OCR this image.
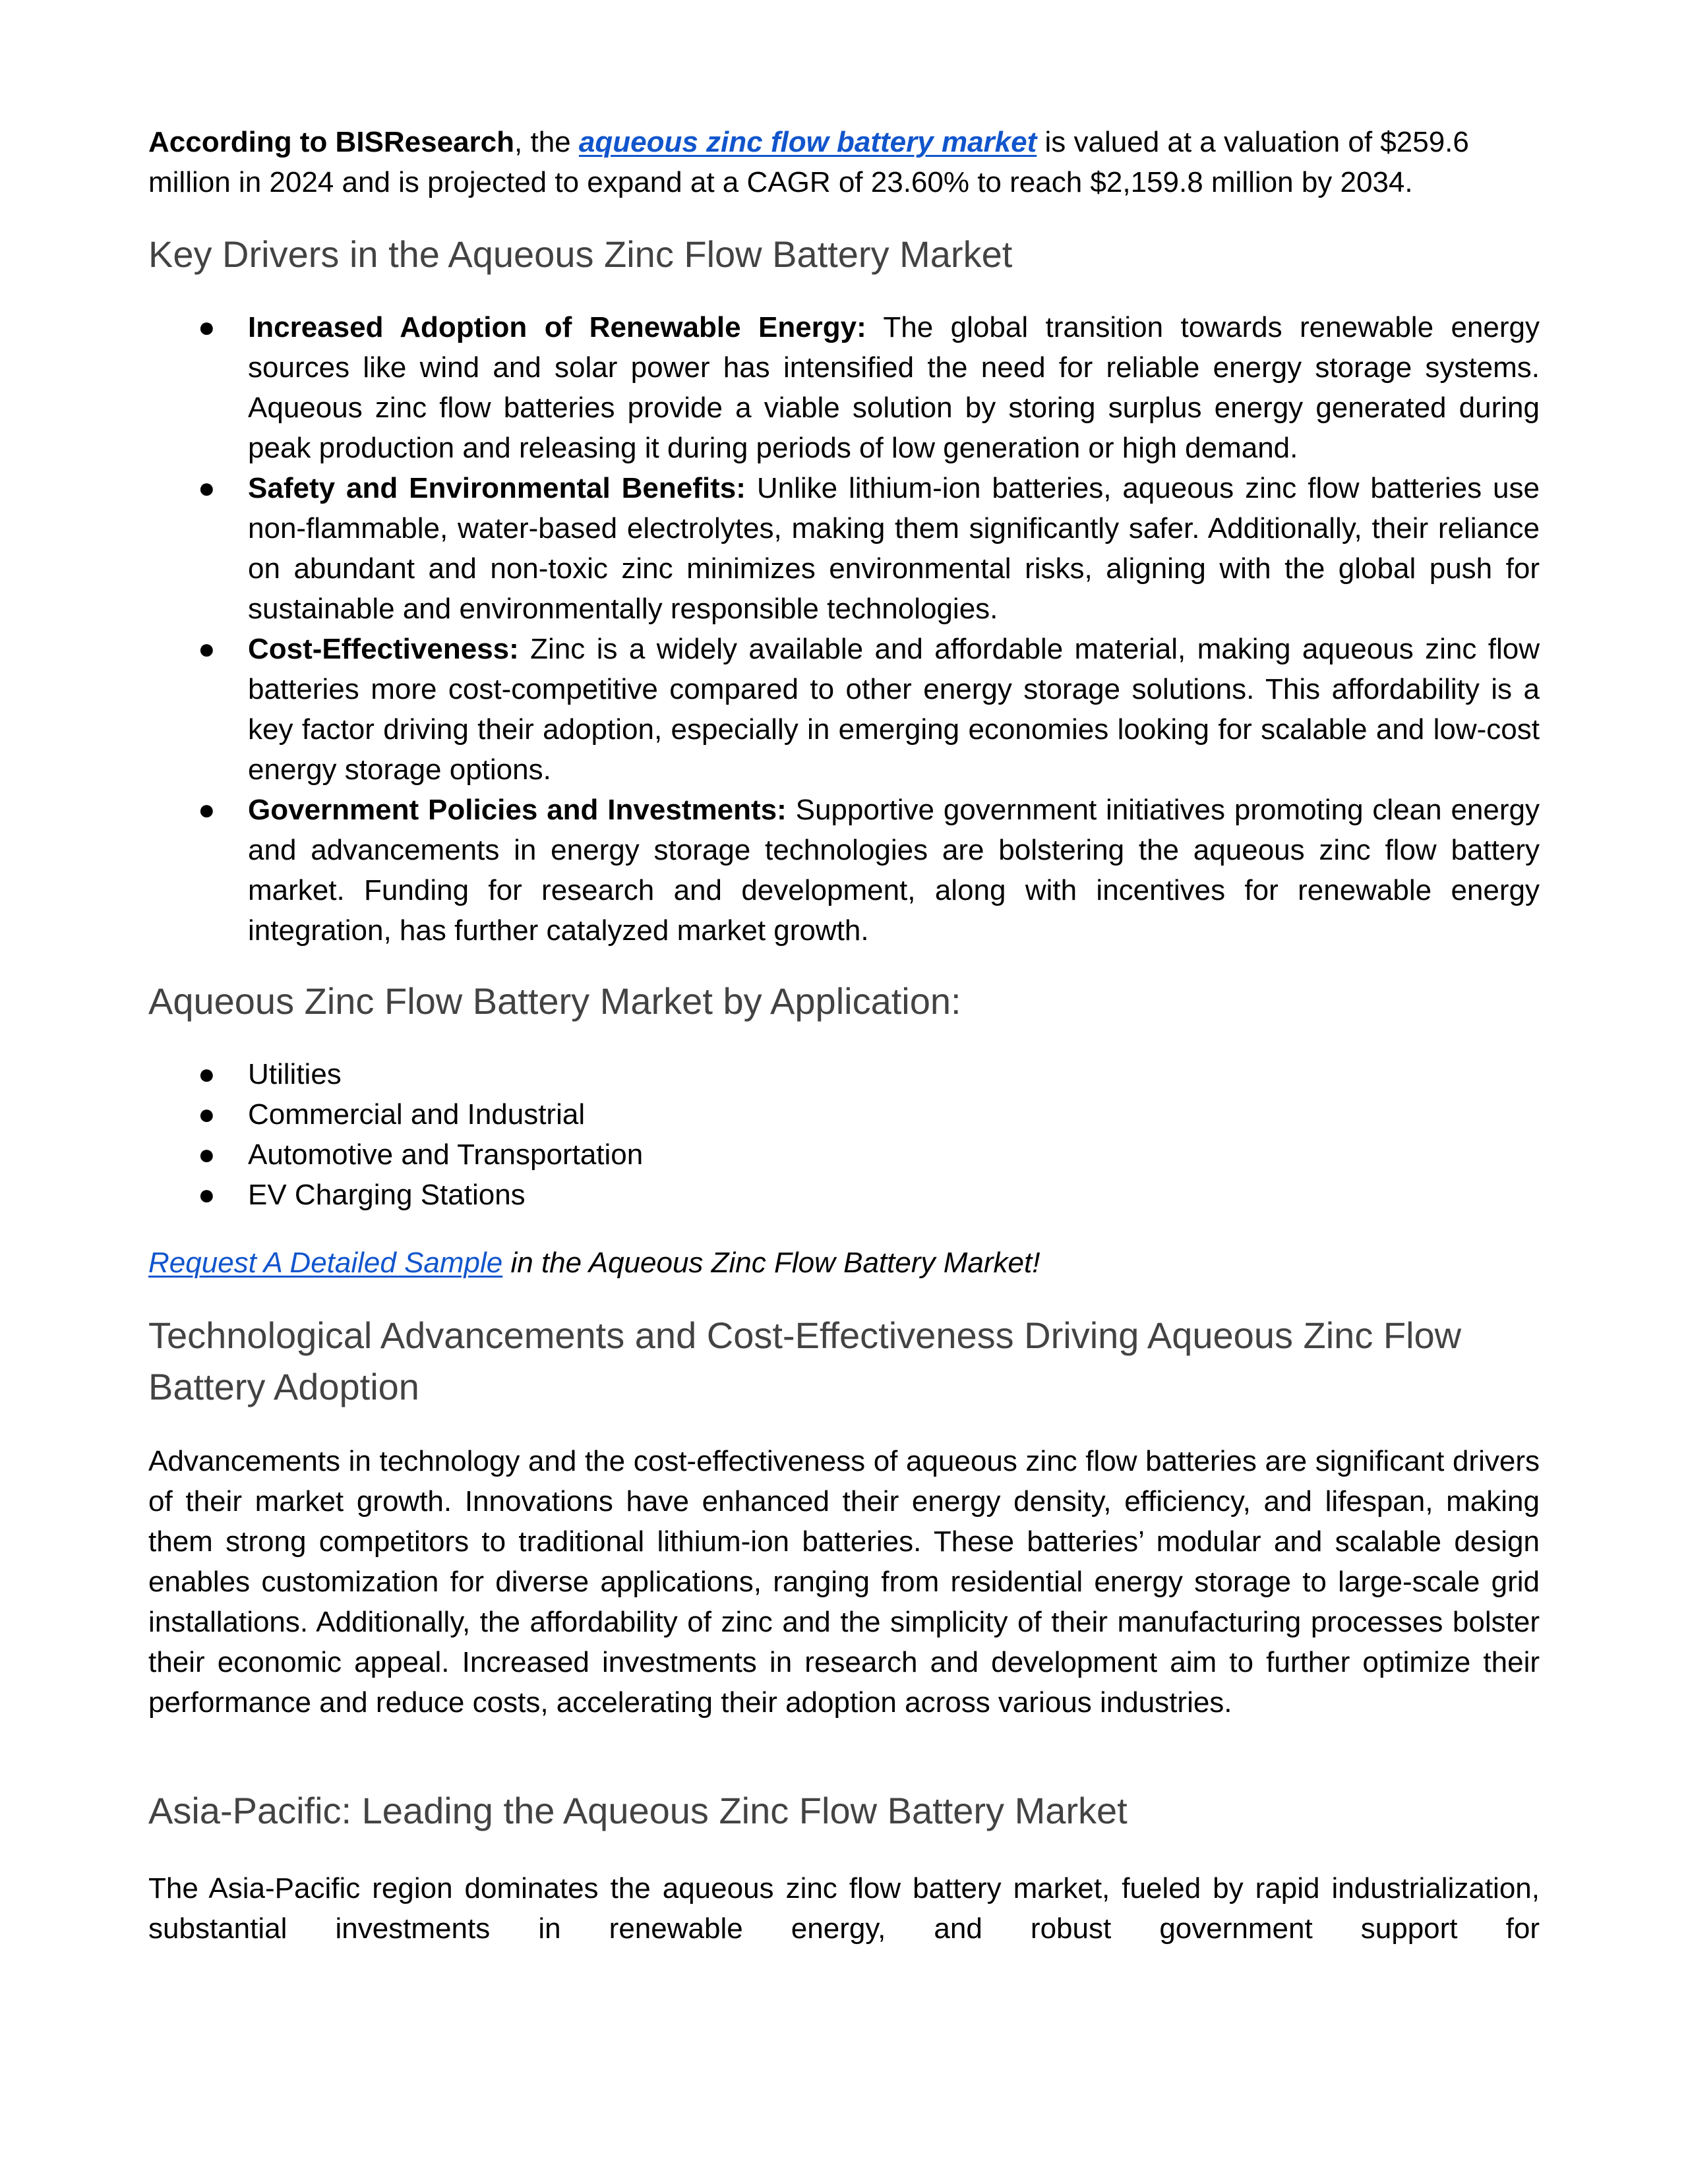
According to BISResearch, the aqueous zinc flow battery market is valued at a valuation of $259.6 million in 2024 and is projected to expand at a CAGR of 23.60% to reach $2,159.8 million by 2034.

Key Drivers in the Aqueous Zinc Flow Battery Market
●	Increased Adoption of Renewable Energy: The global transition towards renewable energy sources like wind and solar power has intensified the need for reliable energy storage systems. Aqueous zinc flow batteries provide a viable solution by storing surplus energy generated during peak production and releasing it during periods of low generation or high demand.
●	Safety and Environmental Benefits: Unlike lithium-ion batteries, aqueous zinc flow batteries use non-flammable, water-based electrolytes, making them significantly safer. Additionally, their reliance on abundant and non-toxic zinc minimizes environmental risks, aligning with the global push for sustainable and environmentally responsible technologies.
●	Cost-Effectiveness: Zinc is a widely available and affordable material, making aqueous zinc flow batteries more cost-competitive compared to other energy storage solutions. This affordability is a key factor driving their adoption, especially in emerging economies looking for scalable and low-cost energy storage options.
●	Government Policies and Investments: Supportive government initiatives promoting clean energy and advancements in energy storage technologies are bolstering the aqueous zinc flow battery market. Funding for research and development, along with incentives for renewable energy integration, has further catalyzed market growth.
Aqueous Zinc Flow Battery Market by Application:
●	Utilities
●	Commercial and Industrial
●	Automotive and Transportation
●	EV Charging Stations

Request A Detailed Sample in the Aqueous Zinc Flow Battery Market!

Technological Advancements and Cost-Effectiveness Driving Aqueous Zinc Flow Battery Adoption

Advancements in technology and the cost-effectiveness of aqueous zinc flow batteries are significant drivers of their market growth. Innovations have enhanced their energy density, efficiency, and lifespan, making them strong competitors to traditional lithium-ion batteries. These batteries’ modular and scalable design enables customization for diverse applications, ranging from residential energy storage to large-scale grid installations. Additionally, the affordability of zinc and the simplicity of their manufacturing processes bolster their economic appeal. Increased investments in research and development aim to further optimize their performance and reduce costs, accelerating their adoption across various industries.

Asia-Pacific: Leading the Aqueous Zinc Flow Battery Market

The Asia-Pacific region dominates the aqueous zinc flow battery market, fueled by rapid industrialization, substantial investments in renewable energy, and robust government support for
